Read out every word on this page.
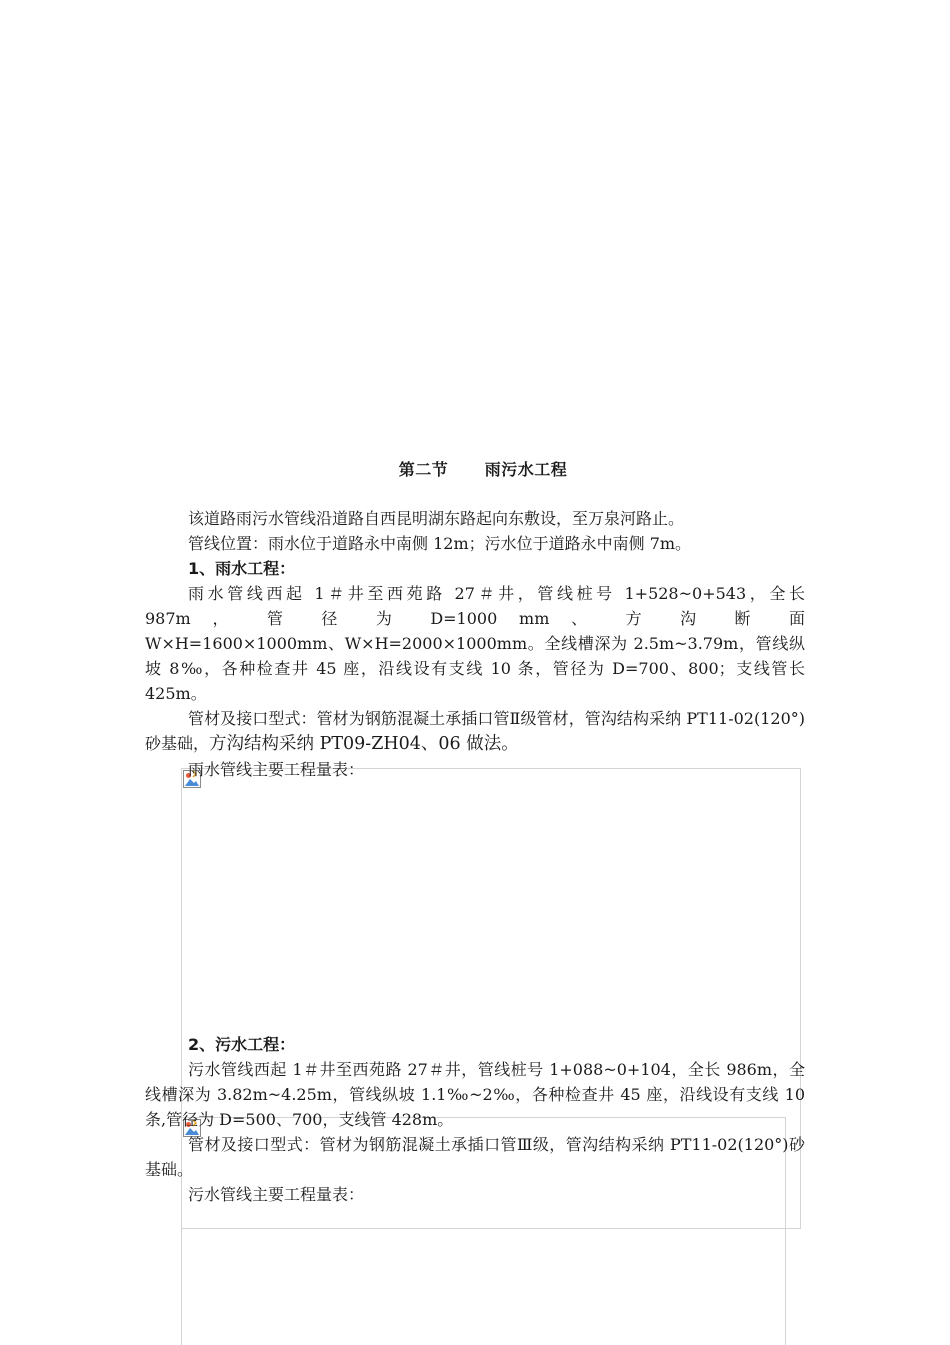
第二节      雨污水工程

该道路雨污水管线沿道路自西昆明湖东路起向东敷设，至万泉河路止。

管线位置：雨水位于道路永中南侧 12m；污水位于道路永中南侧 7m。

1、雨水工程：

雨水管线西起 1＃井至西苑路 27＃井，管线桩号 1+528~0+543，全长

987m ， 管 径 为 D=1000 mm 、 方 沟 断 面

W×H=1600×1000mm、W×H=2000×1000mm。全线槽深为 2.5m~3.79m，管线纵坡 8‰，各种检查井 45 座，沿线设有支线 10 条，管径为 D=700、800；支线管长 425m。

管材及接口型式：管材为钢筋混凝土承插口管Ⅱ级管材，管沟结构采纳 PT11-02(120°)砂基础，方沟结构采纳 PT09-ZH04、06 做法。

雨水管线主要工程量表：

2、污水工程：

污水管线西起 1＃井至西苑路 27＃井，管线桩号 1+088~0+104，全长 986m，全线槽深为 3.82m~4.25m，管线纵坡 1.1‰~2‰，各种检查井 45 座，沿线设有支线 10 条,管径为 D=500、700，支线管 428m。

管材及接口型式：管材为钢筋混凝土承插口管Ⅲ级，管沟结构采纳 PT11-02(120°)砂基础。

污水管线主要工程量表：
